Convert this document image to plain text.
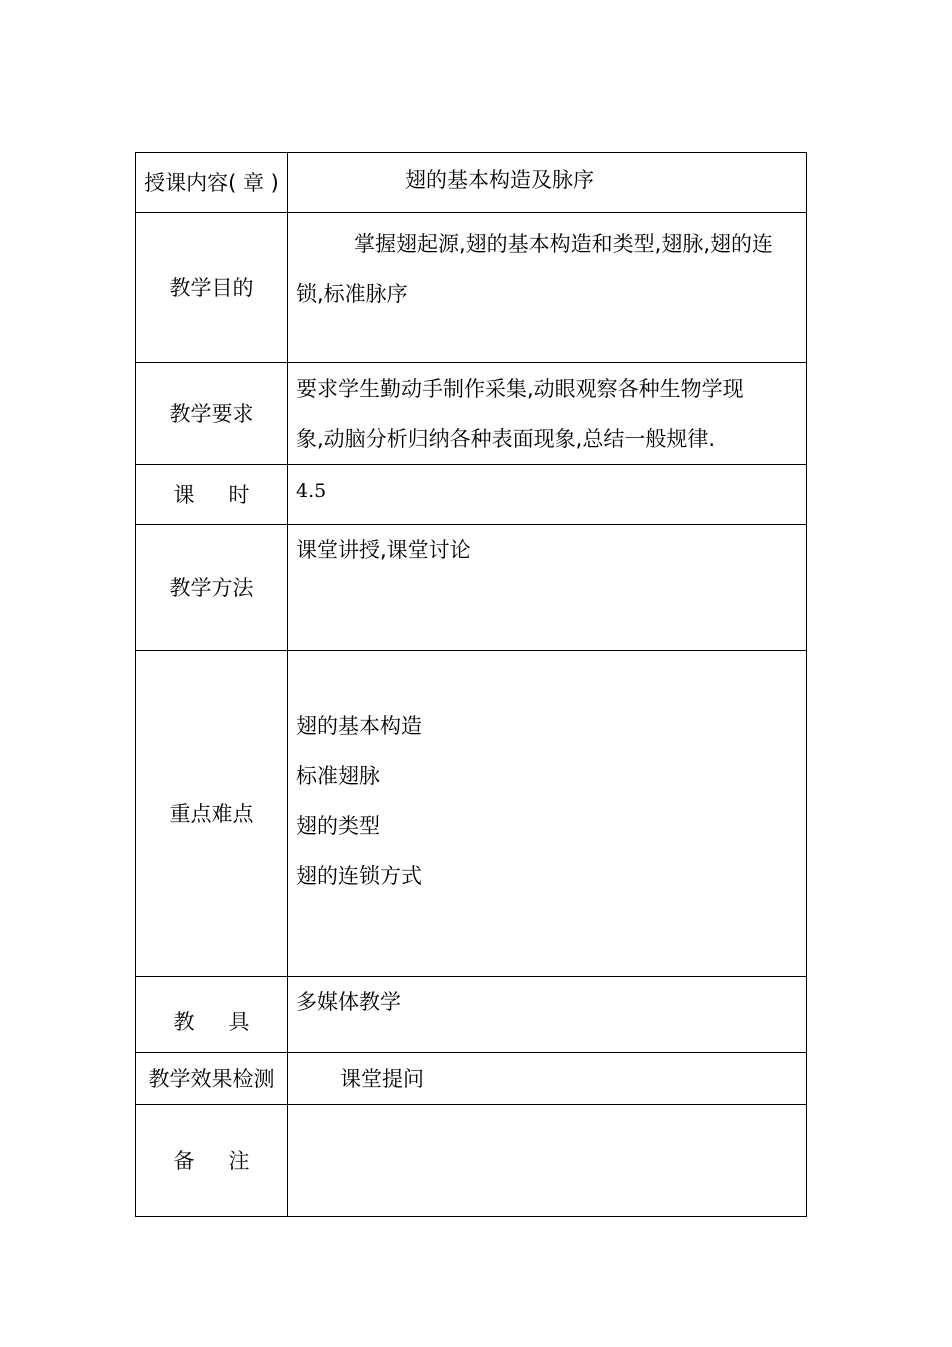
授课内容( 章 )	翅的基本构造及脉序

教学目的	掌握翅起源,翅的基本构造和类型,翅脉,翅的连
锁,标准脉序

教学要求	要求学生勤动手制作采集,动眼观察各种生物学现
象,动脑分析归纳各种表面现象,总结一般规律.

课 时	4.5
教学方法	课堂讲授,课堂讨论

重点难点	翅的基本构造
标准翅脉
翅的类型
翅的连锁方式

教 具	多媒体教学

教学效果检测	课堂提问

备 注	
